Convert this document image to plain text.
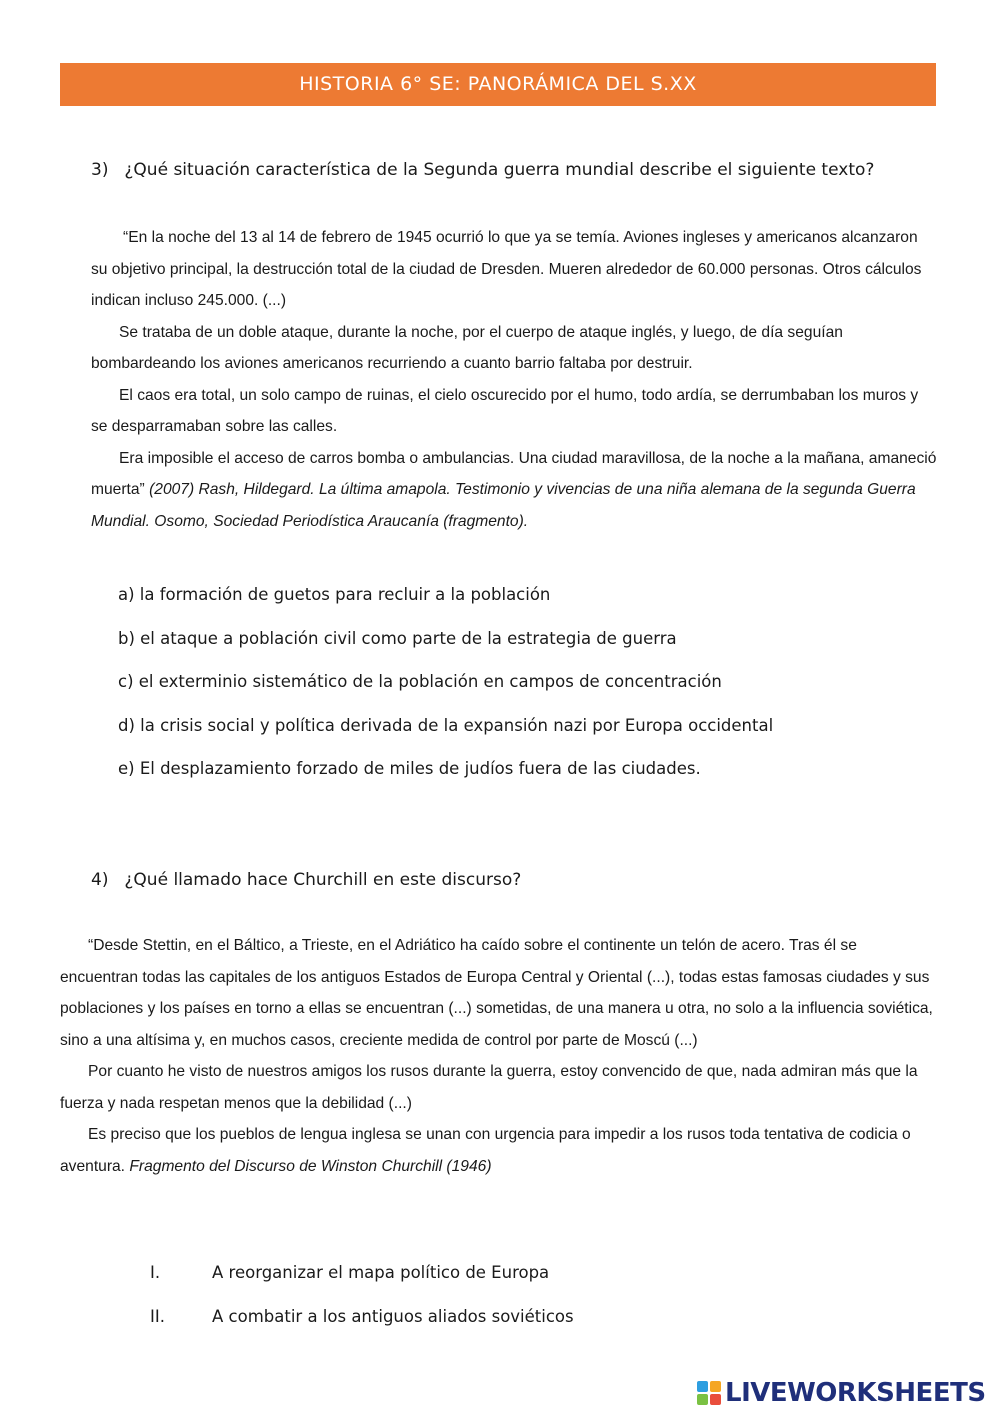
HISTORIA 6° SE: PANORÁMICA DEL S.XX
3) ¿Qué situación característica de la Segunda guerra mundial describe el siguiente texto?

“En la noche del 13 al 14 de febrero de 1945 ocurrió lo que ya se temía. Aviones ingleses y americanos alcanzaron su objetivo principal, la destrucción total de la ciudad de Dresden. Mueren alrededor de 60.000 personas. Otros cálculos indican incluso 245.000. (...)

Se trataba de un doble ataque, durante la noche, por el cuerpo de ataque inglés, y luego, de día seguían bombardeando los aviones americanos recurriendo a cuanto barrio faltaba por destruir.

El caos era total, un solo campo de ruinas, el cielo oscurecido por el humo, todo ardía, se derrumbaban los muros y se desparramaban sobre las calles.

Era imposible el acceso de carros bomba o ambulancias. Una ciudad maravillosa, de la noche a la mañana, amaneció muerta” (2007) Rash, Hildegard. La última amapola. Testimonio y vivencias de una niña alemana de la segunda Guerra Mundial. Osomo, Sociedad Periodística Araucanía (fragmento).

a) la formación de guetos para recluir a la población
b) el ataque a población civil como parte de la estrategia de guerra
c) el exterminio sistemático de la población en campos de concentración
d) la crisis social y política derivada de la expansión nazi por Europa occidental
e) El desplazamiento forzado de miles de judíos fuera de las ciudades.
4) ¿Qué llamado hace Churchill en este discurso?

“Desde Stettin, en el Báltico, a Trieste, en el Adriático ha caído sobre el continente un telón de acero. Tras él se encuentran todas las capitales de los antiguos Estados de Europa Central y Oriental (...), todas estas famosas ciudades y sus poblaciones y los países en torno a ellas se encuentran (...) sometidas, de una manera u otra, no solo a la influencia soviética, sino a una altísima y, en muchos casos, creciente medida de control por parte de Moscú (...)

Por cuanto he visto de nuestros amigos los rusos durante la guerra, estoy convencido de que, nada admiran más que la fuerza y nada respetan menos que la debilidad (...)

Es preciso que los pueblos de lengua inglesa se unan con urgencia para impedir a los rusos toda tentativa de codicia o aventura. Fragmento del Discurso de Winston Churchill (1946)

I.	A reorganizar el mapa político de Europa
II.	A combatir a los antiguos aliados soviéticos
LIVEWORKSHEETS
